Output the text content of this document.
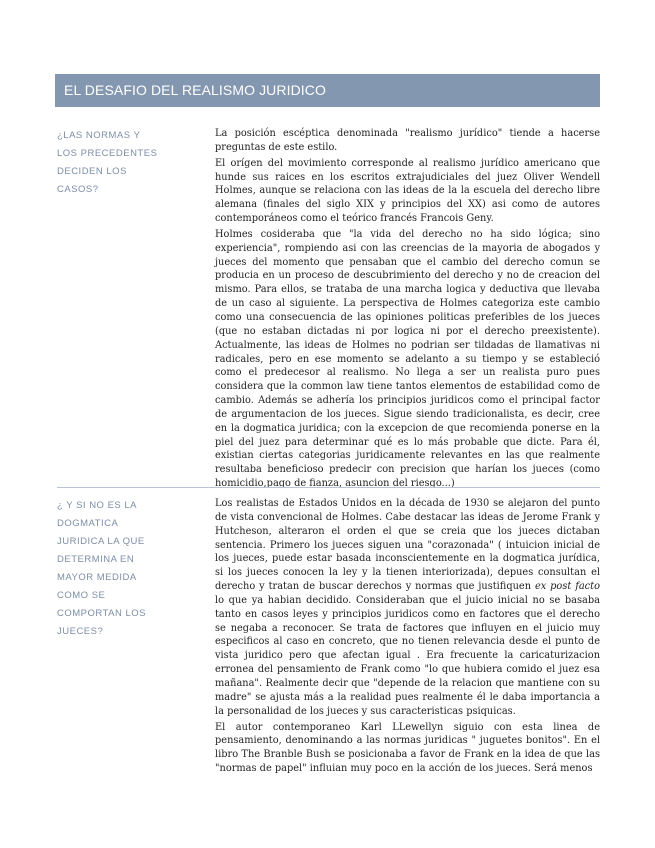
EL DESAFIO DEL REALISMO JURIDICO
¿LAS NORMAS Y
LOS PRECEDENTES
DECIDEN LOS
CASOS?

La posición escéptica denominada "realismo jurídico" tiende a hacerse preguntas de este estilo.

El orígen del movimiento corresponde al realismo jurídico americano que hunde sus raices en los escritos extrajudiciales del juez Oliver Wendell Holmes, aunque se relaciona con las ideas de la la escuela del derecho libre alemana (finales del siglo XIX y principios del XX) asi como de autores contemporáneos como el teórico francés Francois Geny.

Holmes cosideraba que "la vida del derecho no ha sido lógica; sino experiencia", rompiendo asi con las creencias de la mayoria de abogados y jueces del momento que pensaban que el cambio del derecho comun se producia en un proceso de descubrimiento del derecho y no de creacion del mismo. Para ellos, se trataba de una marcha logica y deductiva que llevaba de un caso al siguiente. La perspectiva de Holmes categoriza este cambio como una consecuencia de las opiniones politicas preferibles de los jueces (que no estaban dictadas ni por logica ni por el derecho preexistente). Actualmente, las ideas de Holmes no podrian ser tildadas de llamativas ni radicales, pero en ese momento se adelanto a su tiempo y se estableció como el predecesor al realismo. No llega a ser un realista puro pues considera que la common law tiene tantos elementos de estabilidad como de cambio. Además se adhería los principios juridicos como el principal factor de argumentacion de los jueces. Sigue siendo tradicionalista, es decir, cree en la dogmatica juridica; con la excepcion de que recomienda ponerse en la piel del juez para determinar qué es lo más probable que dicte. Para él, existian ciertas categorias juridicamente relevantes en las que realmente resultaba beneficioso predecir con precision que harían los jueces (como homicidio,pago de fianza, asuncion del riesgo...)

¿ Y SI NO ES LA
DOGMATICA
JURIDICA LA QUE
DETERMINA EN
MAYOR MEDIDA
COMO SE
COMPORTAN LOS
JUECES?

Los realistas de Estados Unidos en la década de 1930 se alejaron del punto de vista convencional de Holmes. Cabe destacar las ideas de Jerome Frank y Hutcheson, alteraron el orden el que se creia que los jueces dictaban sentencia. Primero los jueces siguen una "corazonada" ( intuicion inicial de los jueces, puede estar basada inconscientemente en la dogmatica jurídica, si los jueces conocen la ley y la tienen interiorizada), depues consultan el derecho y tratan de buscar derechos y normas que justifiquen ex post facto lo que ya habian decidido. Consideraban que el juicio inicial no se basaba tanto en casos leyes y principios juridicos como en factores que el derecho se negaba a reconocer. Se trata de factores que influyen en el juicio muy especificos al caso en concreto, que no tienen relevancia desde el punto de vista juridico pero que afectan igual . Era frecuente la caricaturizacion erronea del pensamiento de Frank como "lo que hubiera comido el juez esa mañana". Realmente decir que "depende de la relacion que mantiene con su madre" se ajusta más a la realidad pues realmente él le daba importancia a la personalidad de los jueces y sus caracteristicas psiquicas.

El autor contemporaneo Karl LLewellyn siguio con esta linea de pensamiento, denominando a las normas juridicas " juguetes bonitos". En el libro The Branble Bush se posicionaba a favor de Frank en la idea de que las "normas de papel" influian muy poco en la acción de los jueces. Será menos
